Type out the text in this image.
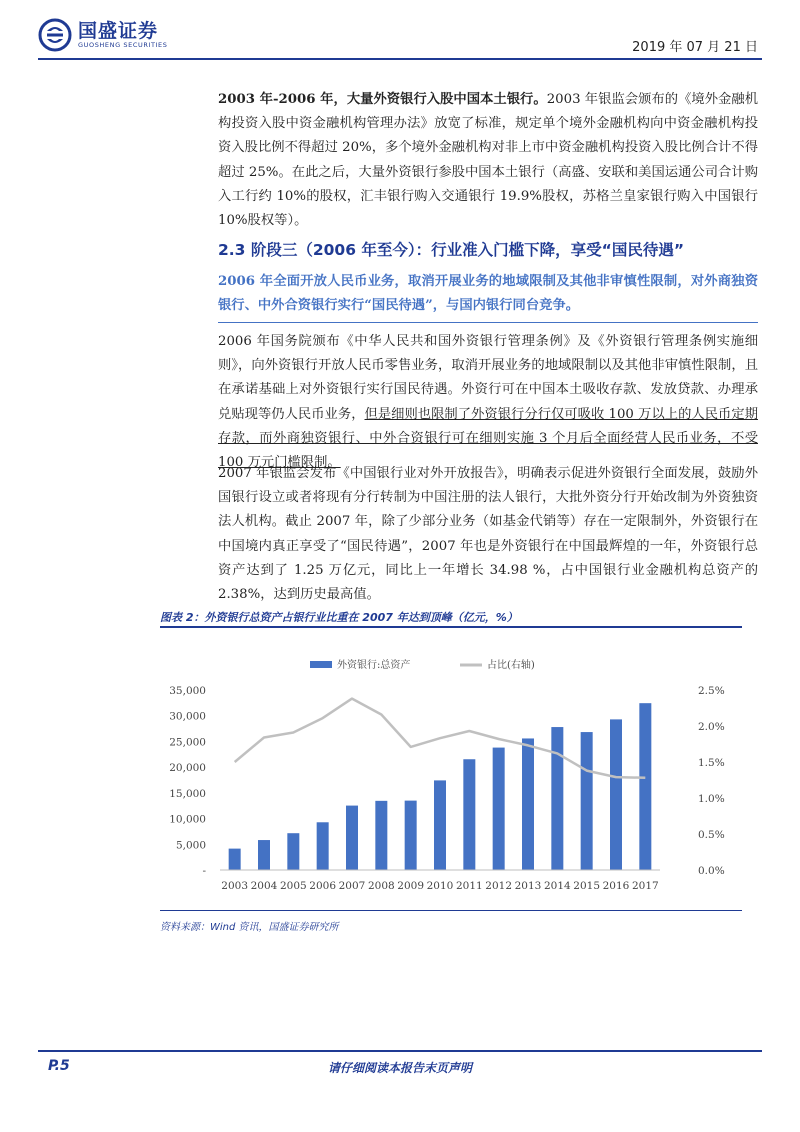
国盛证券
GUOSHENG SECURITIES	2019 年 07 月 21 日

2003 年-2006 年，大量外资银行入股中国本土银行。2003 年银监会颁布的《境外金融机构投资入股中资金融机构管理办法》放宽了标准，规定单个境外金融机构向中资金融机构投资入股比例不得超过 20%，多个境外金融机构对非上市中资金融机构投资入股比例合计不得超过 25%。在此之后，大量外资银行参股中国本土银行（高盛、安联和美国运通公司合计购入工行约 10%的股权，汇丰银行购入交通银行 19.9%股权，苏格兰皇家银行购入中国银行 10%股权等）。

2.3 阶段三（2006 年至今）：行业准入门槛下降，享受“国民待遇”
2006 年全面开放人民币业务，取消开展业务的地域限制及其他非审慎性限制，对外商独资银行、中外合资银行实行“国民待遇”，与国内银行同台竞争。

2006 年国务院颁布《中华人民共和国外资银行管理条例》及《外资银行管理条例实施细则》，向外资银行开放人民币零售业务，取消开展业务的地域限制以及其他非审慎性限制，且在承诺基础上对外资银行实行国民待遇。外资行可在中国本土吸收存款、发放贷款、办理承兑贴现等仍人民币业务，但是细则也限制了外资银行分行仅可吸收 100 万以上的人民币定期存款，而外商独资银行、中外合资银行可在细则实施 3 个月后全面经营人民币业务，不受 100 万元门槛限制。

2007 年银监会发布《中国银行业对外开放报告》，明确表示促进外资银行全面发展，鼓励外国银行设立或者将现有分行转制为中国注册的法人银行，大批外资分行开始改制为外资独资法人机构。截止 2007 年，除了少部分业务（如基金代销等）存在一定限制外，外资银行在中国境内真正享受了“国民待遇”，2007 年也是外资银行在中国最辉煌的一年，外资银行总资产达到了 1.25 万亿元，同比上一年增长 34.98 %，占中国银行业金融机构总资产的 2.38%，达到历史最高值。

图表 2：外资银行总资产占银行业比重在 2007 年达到顶峰（亿元，%）
外资银行:总资产	占比(右轴)
-
5,000
10,000
15,000
20,000
25,000
30,000
35,000
0.0%
0.5%
1.0%
1.5%
2.0%
2.5%
2003 2004 2005 2006 2007 2008 2009 2010 2011 2012 2013 2014 2015 2016 2017
资料来源：Wind 资讯，国盛证券研究所
P.5	请仔细阅读本报告末页声明
